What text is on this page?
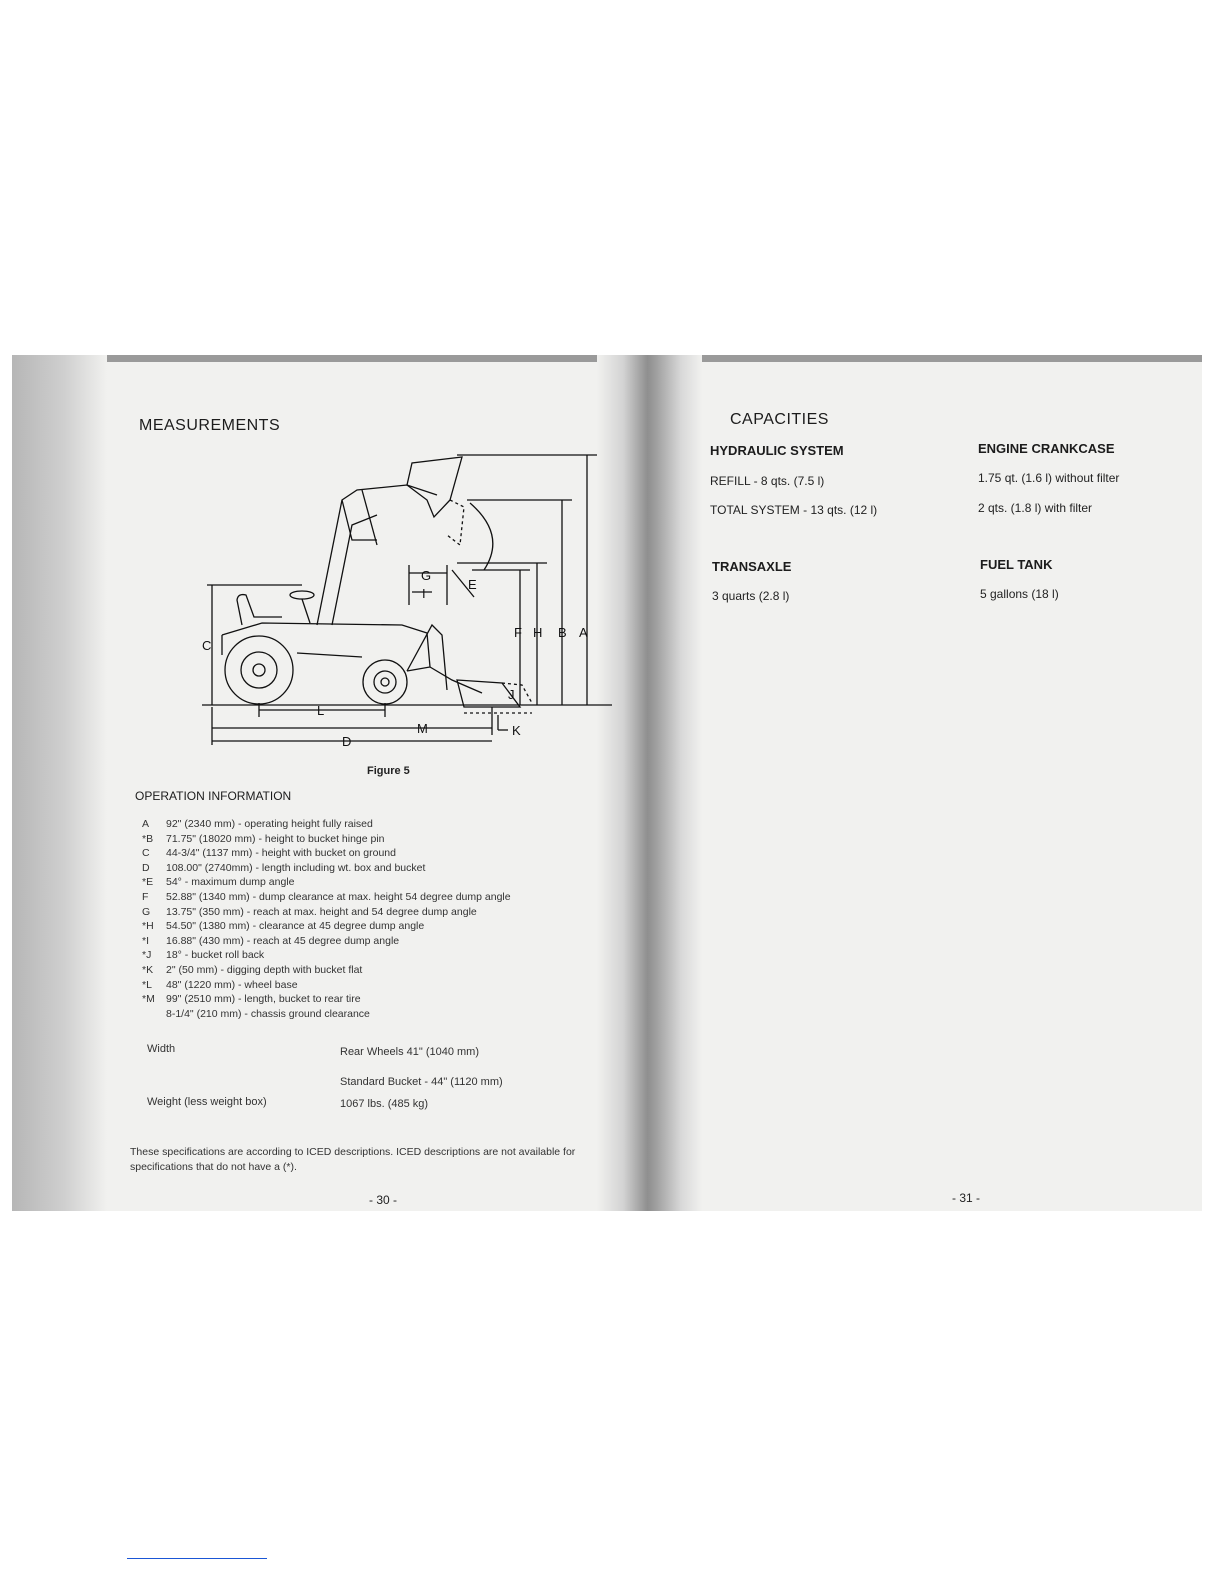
MEASUREMENTS
G
I
E
F H B A
C
L
M
J
K
D
Figure 5
OPERATION INFORMATION
A	92" (2340 mm) - operating height fully raised
*B	71.75" (18020 mm) - height to bucket hinge pin
C	44-3/4" (1137 mm) - height with bucket on ground
D	108.00" (2740mm) - length including wt. box and bucket
*E	54° - maximum dump angle
F	52.88" (1340 mm) - dump clearance at max. height 54 degree dump angle
G	13.75" (350 mm) - reach at max. height and 54 degree dump angle
*H	54.50" (1380 mm) - clearance at 45 degree dump angle
*I	16.88" (430 mm) - reach at 45 degree dump angle
*J	18° - bucket roll back
*K	2" (50 mm) - digging depth with bucket flat
*L	48" (1220 mm) - wheel base
*M	99" (2510 mm) - length, bucket to rear tire
8-1/4" (210 mm) - chassis ground clearance
Width	Rear Wheels 41" (1040 mm)
Standard Bucket - 44" (1120 mm)
Weight (less weight box)	1067 lbs. (485 kg)
These specifications are according to ICED descriptions. ICED descriptions are not available for specifications that do not have a (*).
- 30 -
CAPACITIES
HYDRAULIC SYSTEM
REFILL - 8 qts. (7.5 l)
TOTAL SYSTEM - 13 qts. (12 l)
ENGINE CRANKCASE
1.75 qt. (1.6 l) without filter
2 qts. (1.8 l) with filter
TRANSAXLE
3 quarts (2.8 l)
FUEL TANK
5 gallons (18 l)
- 31 -
